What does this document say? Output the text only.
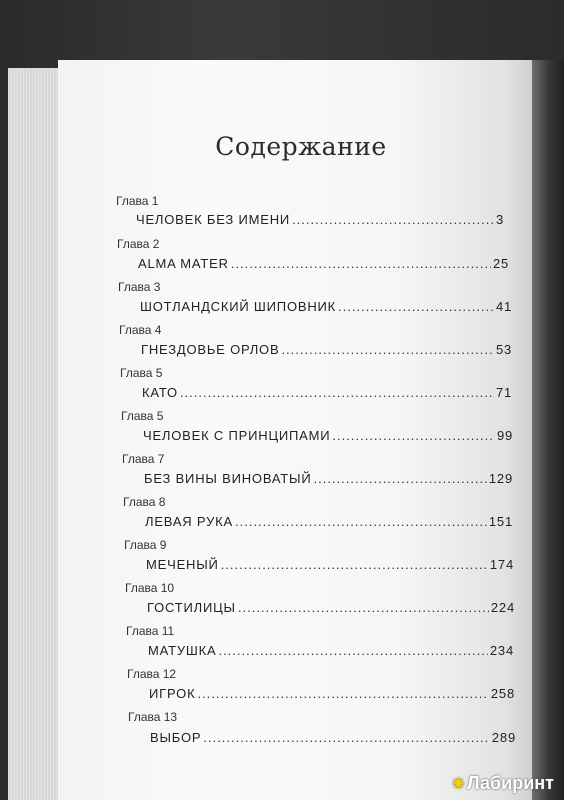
Содержание
Глава 1
ЧЕЛОВЕК БЕЗ ИМЕНИ .....	3
Глава 2
ALMA MATER .....	25
Глава 3
ШОТЛАНДСКИЙ ШИПОВНИК .....	41
Глава 4
ГНЕЗДОВЬЕ ОРЛОВ .....	53
Глава 5
КАТО .....	71
Глава 5
ЧЕЛОВЕК С ПРИНЦИПАМИ .....	99
Глава 7
БЕЗ ВИНЫ ВИНОВАТЫЙ .....	129
Глава 8
ЛЕВАЯ РУКА .....	151
Глава 9
МЕЧЕНЫЙ .....	174
Глава 10
ГОСТИЛИЦЫ .....	224
Глава 11
МАТУШКА .....	234
Глава 12
ИГРОК .....	258
Глава 13
ВЫБОР .....	289
✷ Лабиринт
